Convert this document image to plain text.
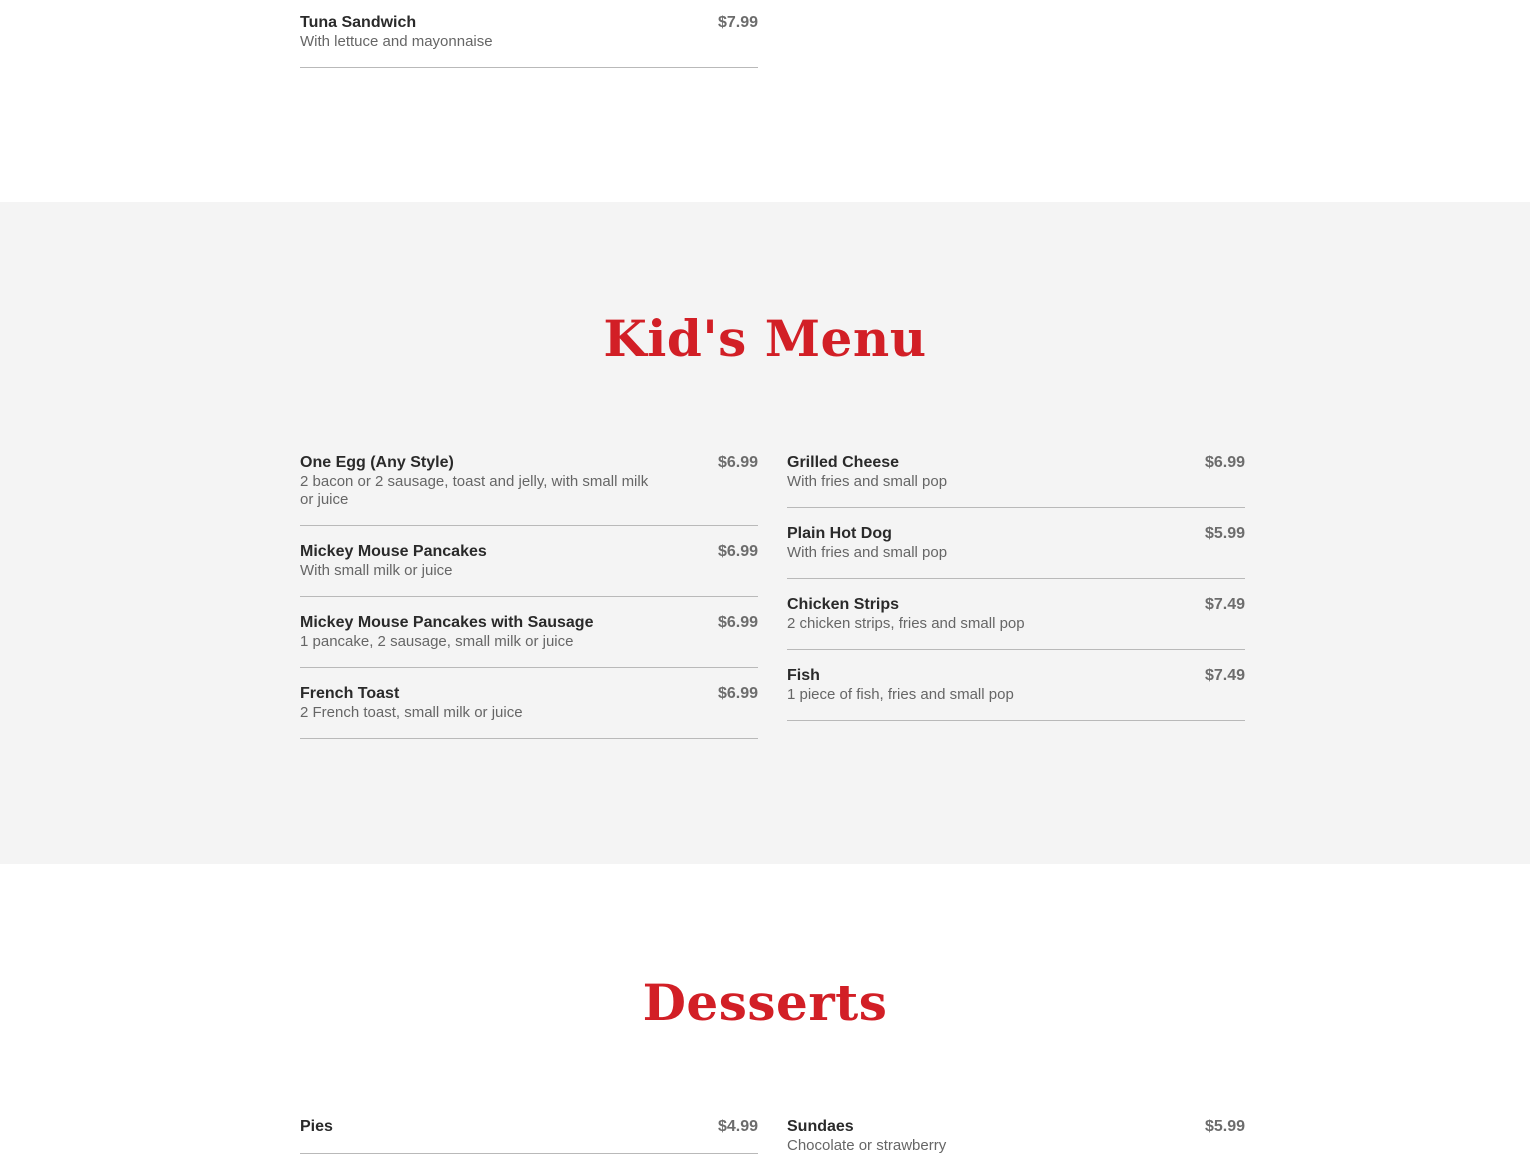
Tuna Sandwich
With lettuce and mayonnaise
$7.99
Kid's Menu
One Egg (Any Style)
2 bacon or 2 sausage, toast and jelly, with small milk or juice
$6.99
Mickey Mouse Pancakes
With small milk or juice
$6.99
Mickey Mouse Pancakes with Sausage
1 pancake, 2 sausage, small milk or juice
$6.99
French Toast
2 French toast, small milk or juice
$6.99
Grilled Cheese
With fries and small pop
$6.99
Plain Hot Dog
With fries and small pop
$5.99
Chicken Strips
2 chicken strips, fries and small pop
$7.49
Fish
1 piece of fish, fries and small pop
$7.49
Desserts
Pies	$4.99 Sundaes
Chocolate or strawberry
$5.99
